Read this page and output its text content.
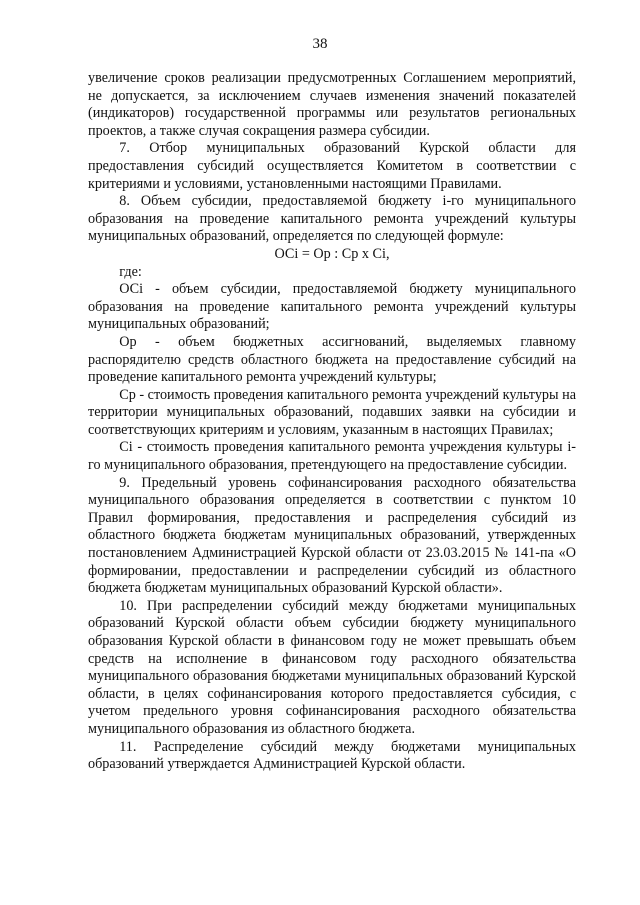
38

увеличение сроков реализации предусмотренных Соглашением мероприятий, не допускается, за исключением случаев изменения значений показателей (индикаторов) государственной программы или результатов региональных проектов, а также случая сокращения размера субсидии.

7. Отбор муниципальных образований Курской области для предоставления субсидий осуществляется Комитетом в соответствии с критериями и условиями, установленными настоящими Правилами.

8. Объем субсидии, предоставляемой бюджету i-го муниципального образования на проведение капитального ремонта учреждений культуры муниципальных образований, определяется по следующей формуле:

ОСi = Ор : Ср х Сi,

где:

ОСi - объем субсидии, предоставляемой бюджету муниципального образования на проведение капитального ремонта учреждений культуры муниципальных образований;

Ор - объем бюджетных ассигнований, выделяемых главному распорядителю средств областного бюджета на предоставление субсидий на проведение капитального ремонта учреждений культуры;

Ср - стоимость проведения капитального ремонта учреждений культуры на территории муниципальных образований, подавших заявки на субсидии и соответствующих критериям и условиям, указанным в настоящих Правилах;

Сi - стоимость проведения капитального ремонта учреждения культуры i-го муниципального образования, претендующего на предоставление субсидии.

9. Предельный уровень софинансирования расходного обязательства муниципального образования определяется в соответствии с пунктом 10 Правил формирования, предоставления и распределения субсидий из областного бюджета бюджетам муниципальных образований, утвержденных постановлением Администрацией Курской области от 23.03.2015 № 141-па «О формировании, предоставлении и распределении субсидий из областного бюджета бюджетам муниципальных образований Курской области».

10. При распределении субсидий между бюджетами муниципальных образований Курской области объем субсидии бюджету муниципального образования Курской области в финансовом году не может превышать объем средств на исполнение в финансовом году расходного обязательства муниципального образования бюджетами муниципальных образований Курской области, в целях софинансирования которого предоставляется субсидия, с учетом предельного уровня софинансирования расходного обязательства муниципального образования из областного бюджета.

11. Распределение субсидий между бюджетами муниципальных образований утверждается Администрацией Курской области.
